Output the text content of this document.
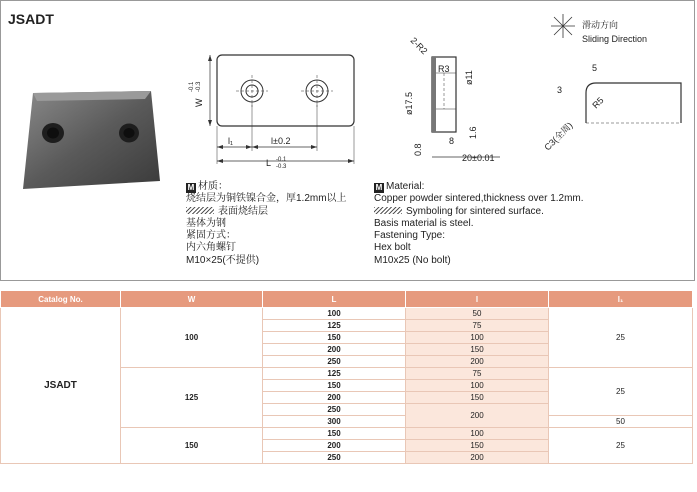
JSADT
W
-0.1 -0.3
l₁	l±0.2
L -0.1
-0.3
2-R2
R3
ø11
ø17.5
0.8
8
1.6
20±0.01
滑动方向
Sliding Direction
5
3
R5
C3(全周)
M 材质：
烧结层为铜铁镍合金，厚1.2mm以上
表面烧结层
基体为钢
紧固方式：
内六角螺钉
M10×25(不提供)
M Material:
Copper powder sintered,thickness over 1.2mm.
Symboling for sintered surface.
Basis material is steel.
Fastening Type:
Hex bolt
M10x25 (No bolt)
Catalog No.	W	L	l	l₁
JSADT	100	100	50	25
		125	75	
		150	100	
		200	150	
		250	200	
	125	125	75	25
		150	100	
		200	150	
		250	200	
		300		50
	150	150	100	25
		200	150	
		250	200	
